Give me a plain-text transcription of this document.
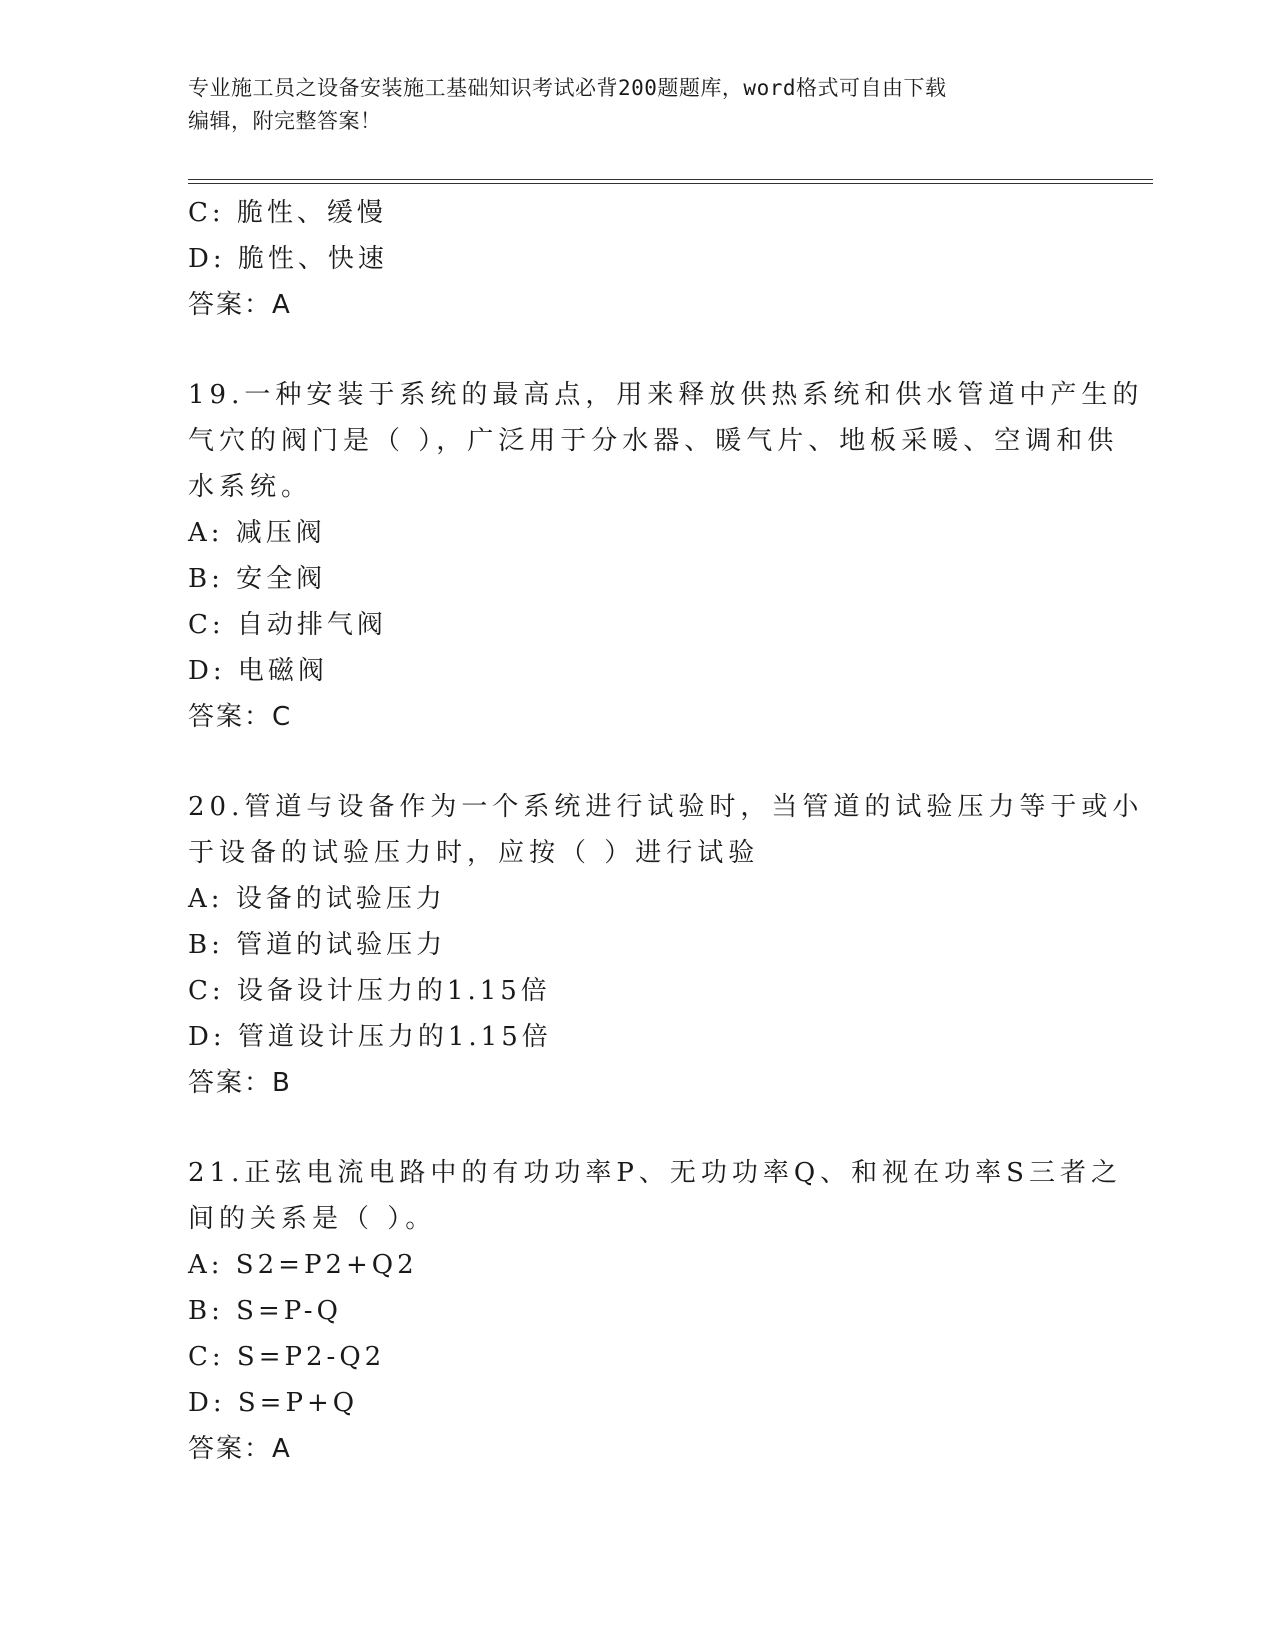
专业施工员之设备安装施工基础知识考试必背200题题库，word格式可自由下载
编辑，附完整答案！
C: 脆性、缓慢
D: 脆性、快速
答案：A
19.一种安装于系统的最高点，用来释放供热系统和供水管道中产生的
气穴的阀门是（ ），广泛用于分水器、暖气片、地板采暖、空调和供
水系统。
A: 减压阀
B: 安全阀
C: 自动排气阀
D: 电磁阀
答案：C
20.管道与设备作为一个系统进行试验时，当管道的试验压力等于或小
于设备的试验压力时，应按（ ）进行试验
A: 设备的试验压力
B: 管道的试验压力
C: 设备设计压力的1.15倍
D: 管道设计压力的1.15倍
答案：B
21.正弦电流电路中的有功功率P、无功功率Q、和视在功率S三者之
间的关系是（ ）。
A: S2=P2+Q2
B: S=P-Q
C: S=P2-Q2
D: S=P+Q
答案：A
